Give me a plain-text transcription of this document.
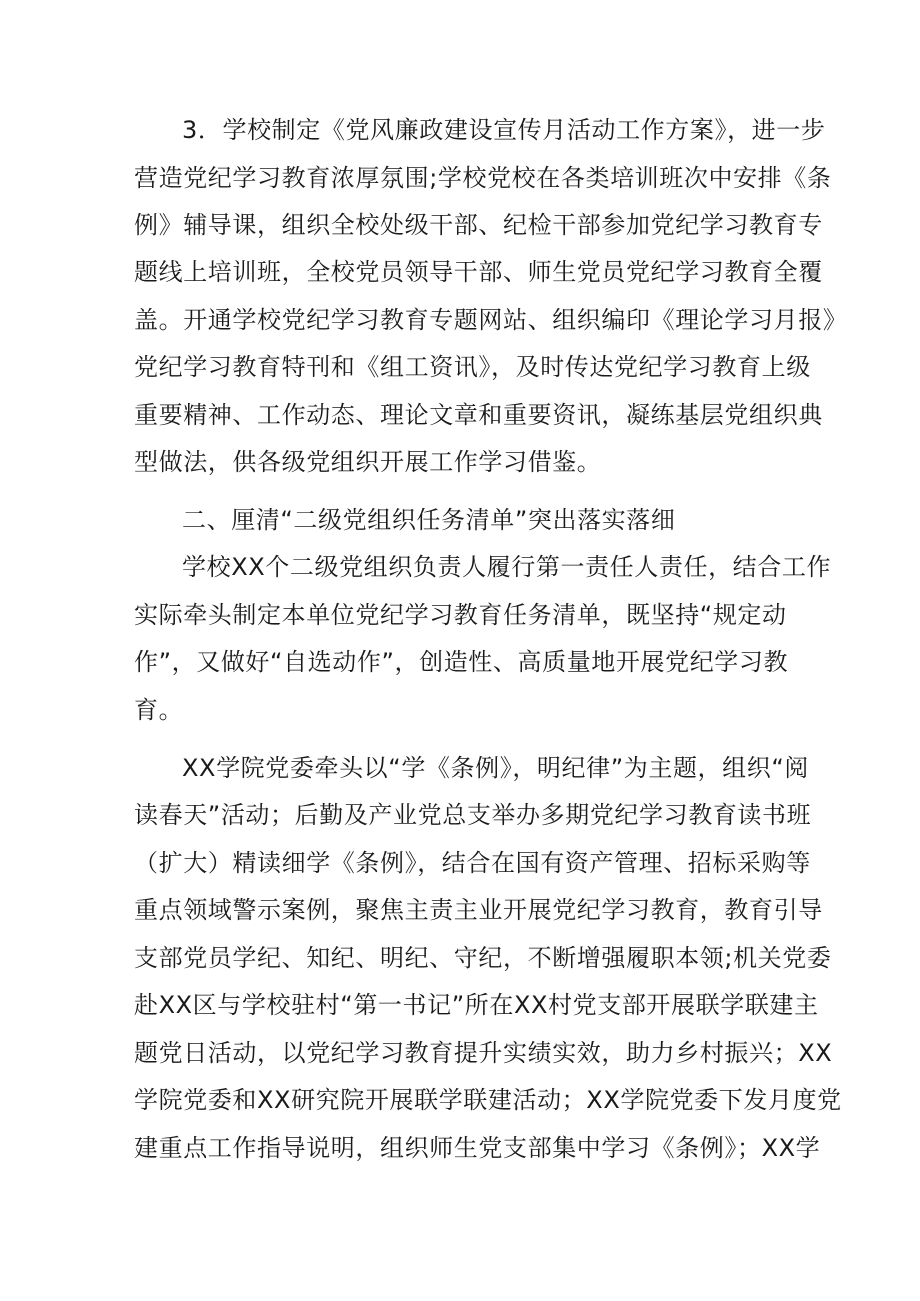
3．学校制定《党风廉政建设宣传月活动工作方案》，进一步
营造党纪学习教育浓厚氛围;学校党校在各类培训班次中安排《条
例》辅导课，组织全校处级干部、纪检干部参加党纪学习教育专
题线上培训班，全校党员领导干部、师生党员党纪学习教育全覆
盖。开通学校党纪学习教育专题网站、组织编印《理论学习月报》
党纪学习教育特刊和《组工资讯》，及时传达党纪学习教育上级
重要精神、工作动态、理论文章和重要资讯，凝练基层党组织典
型做法，供各级党组织开展工作学习借鉴。
二、厘清“二级党组织任务清单”突出落实落细
学校XX个二级党组织负责人履行第一责任人责任，结合工作
实际牵头制定本单位党纪学习教育任务清单，既坚持“规定动
作”，又做好“自选动作”，创造性、高质量地开展党纪学习教
育。
XX学院党委牵头以“学《条例》，明纪律”为主题，组织“阅
读春天”活动；后勤及产业党总支举办多期党纪学习教育读书班
（扩大）精读细学《条例》，结合在国有资产管理、招标采购等
重点领域警示案例，聚焦主责主业开展党纪学习教育，教育引导
支部党员学纪、知纪、明纪、守纪，不断增强履职本领;机关党委
赴XX区与学校驻村“第一书记”所在XX村党支部开展联学联建主
题党日活动，以党纪学习教育提升实绩实效，助力乡村振兴；XX
学院党委和XX研究院开展联学联建活动；XX学院党委下发月度党
建重点工作指导说明，组织师生党支部集中学习《条例》；XX学
